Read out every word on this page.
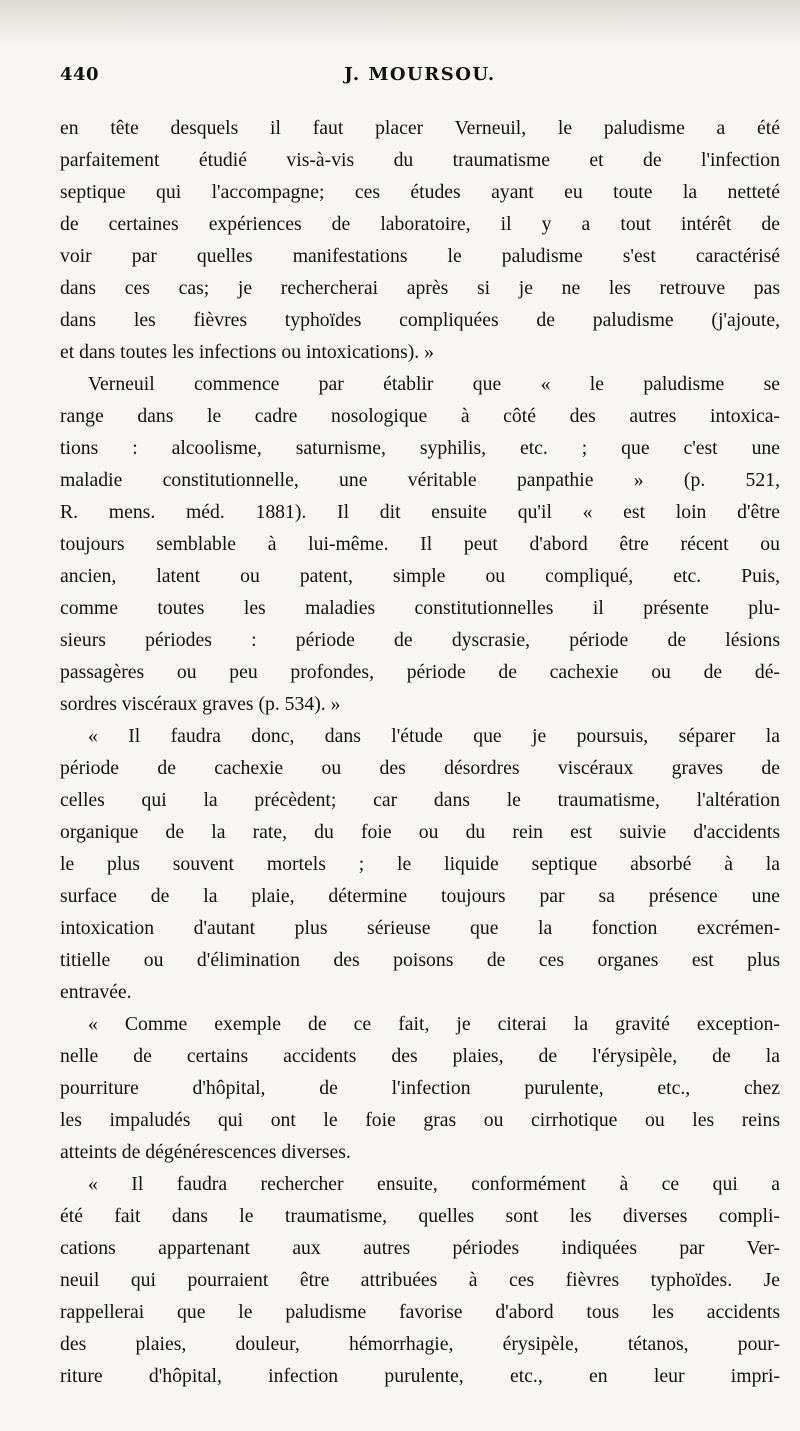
440	J. MOURSOU.
en tête desquels il faut placer Verneuil, le paludisme a été
parfaitement étudié vis-à-vis du traumatisme et de l'infection
septique qui l'accompagne; ces études ayant eu toute la netteté
de certaines expériences de laboratoire, il y a tout intérêt de
voir par quelles manifestations le paludisme s'est caractérisé
dans ces cas; je rechercherai après si je ne les retrouve pas
dans les fièvres typhoïdes compliquées de paludisme (j'ajoute,
et dans toutes les infections ou intoxications). »
Verneuil commence par établir que « le paludisme se
range dans le cadre nosologique à côté des autres intoxica-
tions : alcoolisme, saturnisme, syphilis, etc. ; que c'est une
maladie constitutionnelle, une véritable panpathie » (p. 521,
R. mens. méd. 1881). Il dit ensuite qu'il « est loin d'être
toujours semblable à lui-même. Il peut d'abord être récent ou
ancien, latent ou patent, simple ou compliqué, etc. Puis,
comme toutes les maladies constitutionnelles il présente plu-
sieurs périodes : période de dyscrasie, période de lésions
passagères ou peu profondes, période de cachexie ou de dé-
sordres viscéraux graves (p. 534). »
« Il faudra donc, dans l'étude que je poursuis, séparer la
période de cachexie ou des désordres viscéraux graves de
celles qui la précèdent; car dans le traumatisme, l'altération
organique de la rate, du foie ou du rein est suivie d'accidents
le plus souvent mortels ; le liquide septique absorbé à la
surface de la plaie, détermine toujours par sa présence une
intoxication d'autant plus sérieuse que la fonction excrémen-
titielle ou d'élimination des poisons de ces organes est plus
entravée.
« Comme exemple de ce fait, je citerai la gravité exception-
nelle de certains accidents des plaies, de l'érysipèle, de la
pourriture d'hôpital, de l'infection purulente, etc., chez
les impaludés qui ont le foie gras ou cirrhotique ou les reins
atteints de dégénérescences diverses.
« Il faudra rechercher ensuite, conformément à ce qui a
été fait dans le traumatisme, quelles sont les diverses compli-
cations appartenant aux autres périodes indiquées par Ver-
neuil qui pourraient être attribuées à ces fièvres typhoïdes. Je
rappellerai que le paludisme favorise d'abord tous les accidents
des plaies, douleur, hémorrhagie, érysipèle, tétanos, pour-
riture d'hôpital, infection purulente, etc., en leur impri-
